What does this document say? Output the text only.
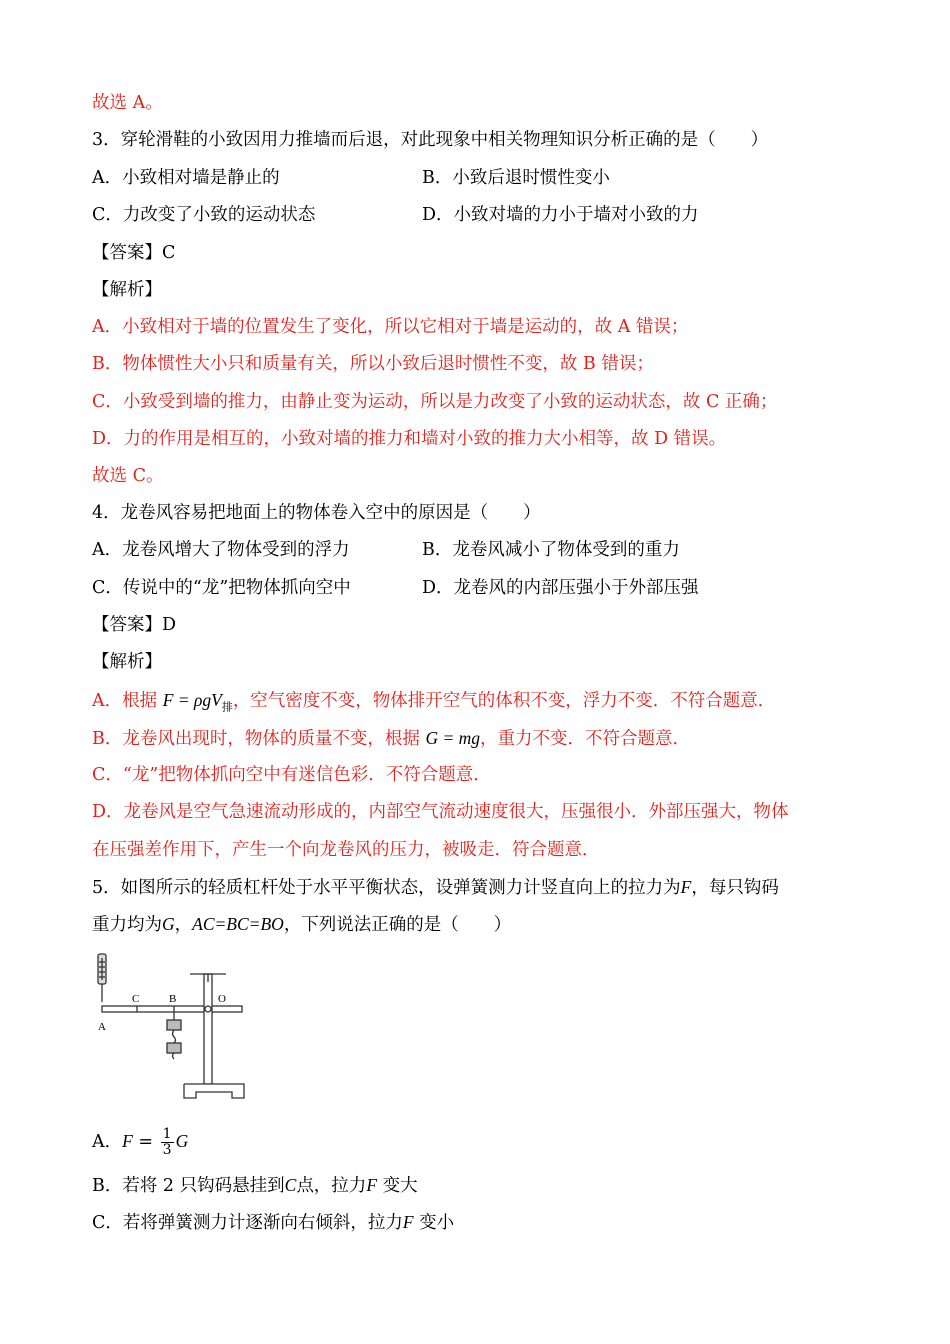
故选 A。
3．穿轮滑鞋的小致因用力推墙而后退，对此现象中相关物理知识分析正确的是（　　）
A．小致相对墙是静止的	B．小致后退时惯性变小
C．力改变了小致的运动状态	D．小致对墙的力小于墙对小致的力
【答案】C
【解析】
A．小致相对于墙的位置发生了变化，所以它相对于墙是运动的，故 A 错误；
B．物体惯性大小只和质量有关，所以小致后退时惯性不变，故 B 错误；
C．小致受到墙的推力，由静止变为运动，所以是力改变了小致的运动状态，故 C 正确；
D．力的作用是相互的，小致对墙的推力和墙对小致的推力大小相等，故 D 错误。
故选 C。
4．龙卷风容易把地面上的物体卷入空中的原因是（　　）
A．龙卷风增大了物体受到的浮力	B．龙卷风减小了物体受到的重力
C．传说中的“龙”把物体抓向空中	D．龙卷风的内部压强小于外部压强
【答案】D
【解析】
A．根据 F = ρgV$_排$，空气密度不变，物体排开空气的体积不变，浮力不变．不符合题意．
B．龙卷风出现时，物体的质量不变，根据 G = mg，重力不变．不符合题意．
C．“龙”把物体抓向空中有迷信色彩．不符合题意．
D．龙卷风是空气急速流动形成的，内部空气流动速度很大，压强很小．外部压强大，物体
在压强差作用下，产生一个向龙卷风的压力，被吸走．符合题意．
5．如图所示的轻质杠杆处于水平平衡状态，设弹簧测力计竖直向上的拉力为F，每只钩码
重力均为G，AC=BC=BO，下列说法正确的是（　　）
A
C	B	O
A．$F = \frac{1}{3}$ G
B．若将 2 只钩码悬挂到C点，拉力F 变大
C．若将弹簧测力计逐渐向右倾斜，拉力F 变小
